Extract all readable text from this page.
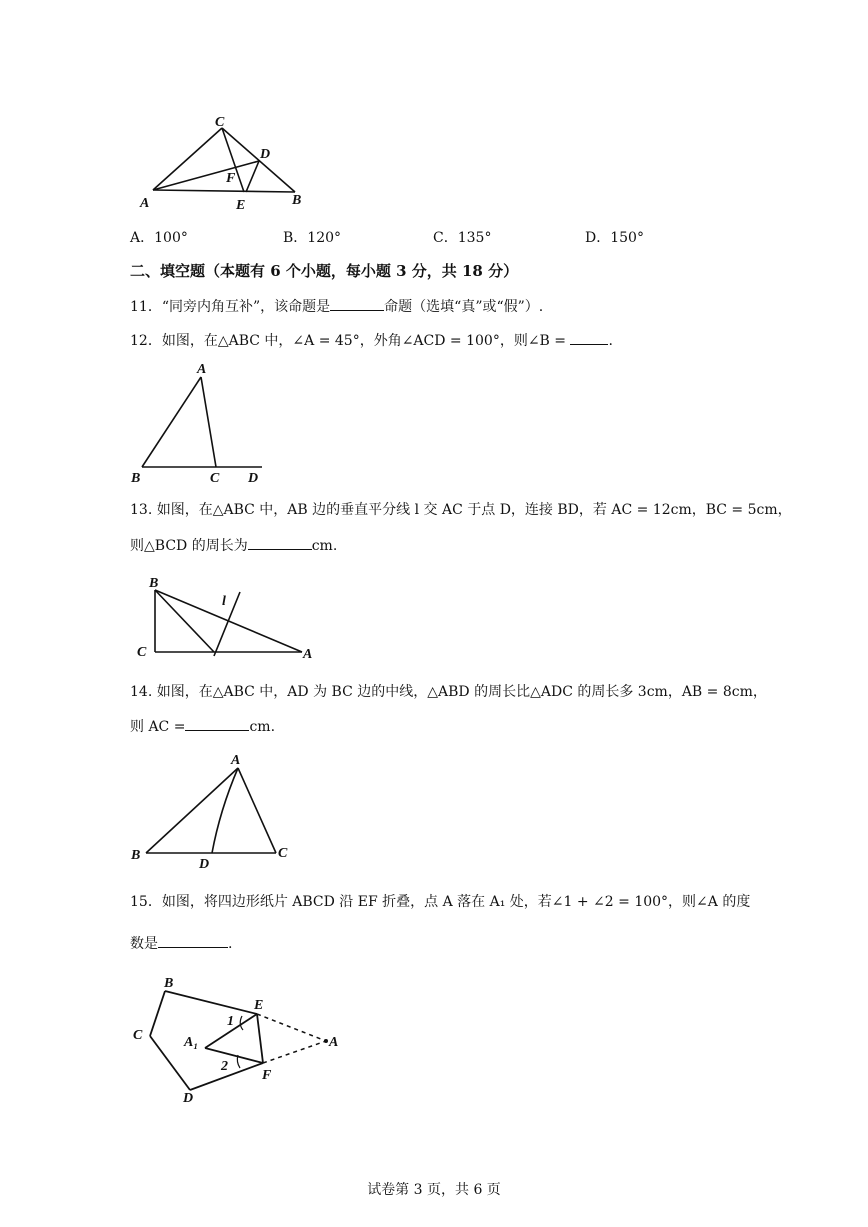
C
D
F
A	E	B
A．100°	B．120°	C．135°	D．150°
二、填空题（本题有 6 个小题，每小题 3 分，共 18 分）
11．“同旁内角互补”，该命题是	命题（选填“真”或“假”）.
12．如图，在△ABC 中，∠A = 45°，外角∠ACD = 100°，则∠B =	.
A
B	C D
13. 如图，在△ABC 中，AB 边的垂直平分线 l 交 AC 于点 D，连接 BD，若 AC = 12cm，BC = 5cm，
则△BCD 的周长为	cm.
B
l
C	A
14. 如图，在△ABC 中，AD 为 BC 边的中线，△ABD 的周长比△ADC 的周长多 3cm，AB = 8cm，
则 AC =	cm.
A
B
D
C
15．如图，将四边形纸片 ABCD 沿 EF 折叠，点 A 落在 A₁ 处，若∠1 + ∠2 = 100°，则∠A 的度
数是	.
B
E
1
C	A₁	A
2
F
D
试卷第 3 页，共 6 页
